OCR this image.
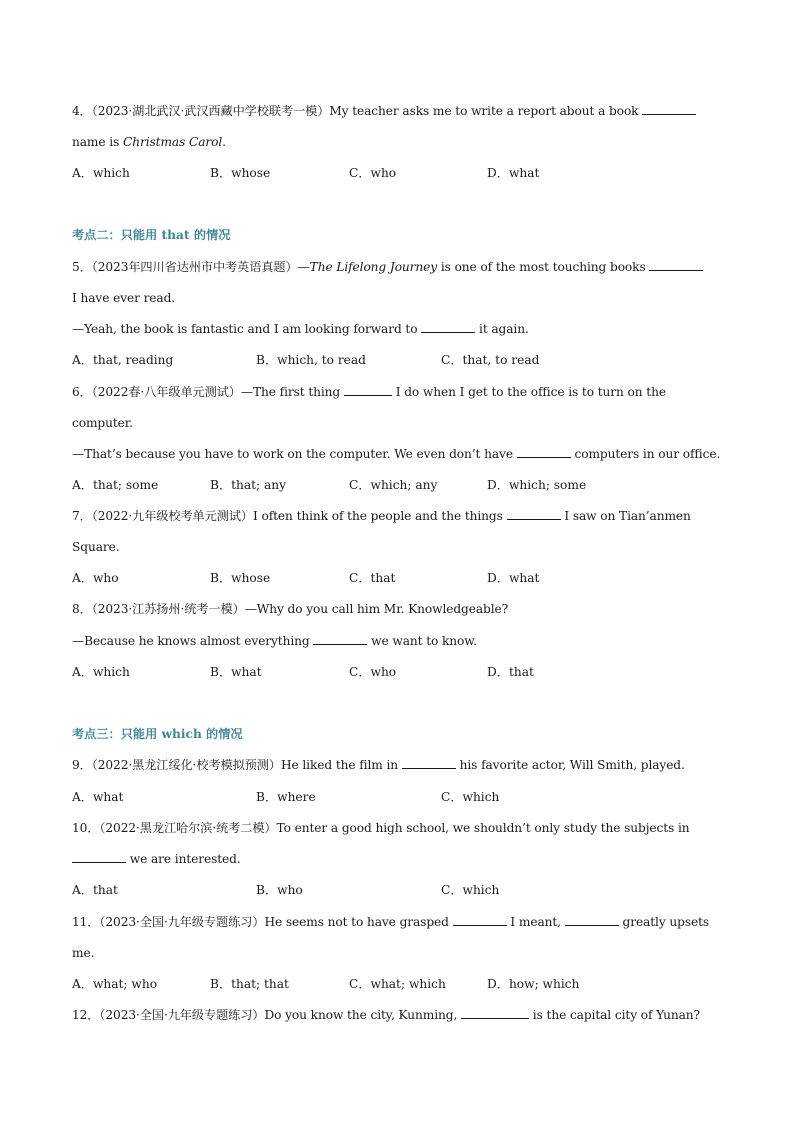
4．（2023·湖北武汉·武汉西藏中学校联考一模）My teacher asks me to write a report about a book
name is Christmas Carol.
A．which	B．whose	C．who	D．what
考点二：只能用 that 的情况
5．（2023年四川省达州市中考英语真题）—The Lifelong Journey is one of the most touching books
I have ever read.
—Yeah, the book is fantastic and I am looking forward to	it again.
A．that, reading	B．which, to read	C．that, to read
6．（2022春·八年级单元测试）—The first thing	I do when I get to the office is to turn on the
computer.
—That’s because you have to work on the computer. We even don’t have	computers in our office.
A．that; some	B．that; any	C．which; any	D．which; some
7．（2022·九年级校考单元测试）I often think of the people and the things	I saw on Tian’anmen
Square.
A．who	B．whose	C．that	D．what
8．（2023·江苏扬州·统考一模）—Why do you call him Mr. Knowledgeable?
—Because he knows almost everything	we want to know.
A．which	B．what	C．who	D．that
考点三：只能用 which 的情况
9．（2022·黑龙江绥化·校考模拟预测）He liked the film in	his favorite actor, Will Smith, played.
A．what	B．where	C．which
10．（2022·黑龙江哈尔滨·统考二模）To enter a good high school, we shouldn’t only study the subjects in
we are interested.
A．that	B．who	C．which
11．（2023·全国·九年级专题练习）He seems not to have grasped	I meant,	greatly upsets
me.
A．what; who	B．that; that	C．what; which	D．how; which
12．（2023·全国·九年级专题练习）Do you know the city, Kunming,	is the capital city of Yunan?
